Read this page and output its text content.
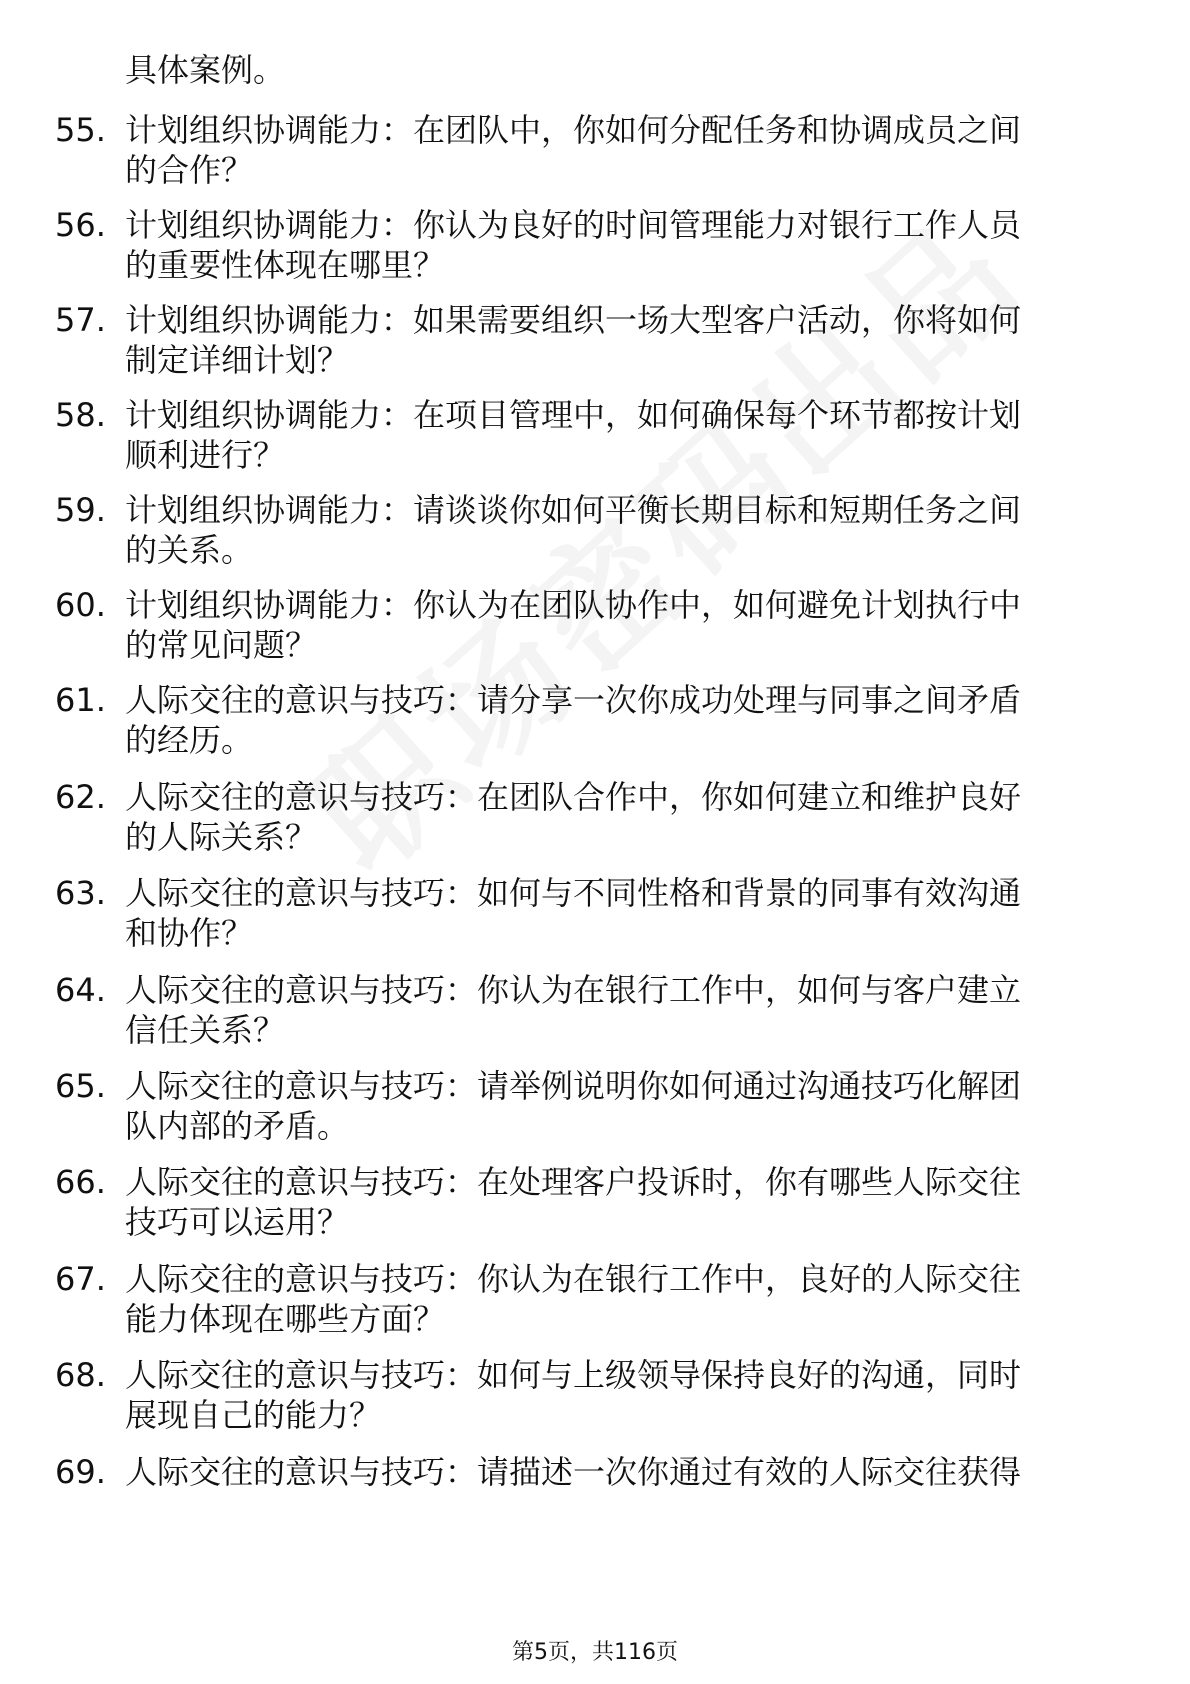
具体案例。
55. 计划组织协调能力：在团队中，你如何分配任务和协调成员之间
的合作？
56. 计划组织协调能力：你认为良好的时间管理能力对银行工作人员
的重要性体现在哪里？
57. 计划组织协调能力：如果需要组织一场大型客户活动，你将如何
制定详细计划？
58. 计划组织协调能力：在项目管理中，如何确保每个环节都按计划
顺利进行？
59. 计划组织协调能力：请谈谈你如何平衡长期目标和短期任务之间
的关系。
60. 计划组织协调能力：你认为在团队协作中，如何避免计划执行中
的常见问题？
61. 人际交往的意识与技巧：请分享一次你成功处理与同事之间矛盾
的经历。
62. 人际交往的意识与技巧：在团队合作中，你如何建立和维护良好
的人际关系？
63. 人际交往的意识与技巧：如何与不同性格和背景的同事有效沟通
和协作？
64. 人际交往的意识与技巧：你认为在银行工作中，如何与客户建立
信任关系？
65. 人际交往的意识与技巧：请举例说明你如何通过沟通技巧化解团
队内部的矛盾。
66. 人际交往的意识与技巧：在处理客户投诉时，你有哪些人际交往
技巧可以运用？
67. 人际交往的意识与技巧：你认为在银行工作中，良好的人际交往
能力体现在哪些方面？
68. 人际交往的意识与技巧：如何与上级领导保持良好的沟通，同时
展现自己的能力？
69. 人际交往的意识与技巧：请描述一次你通过有效的人际交往获得
第5页，共116页
